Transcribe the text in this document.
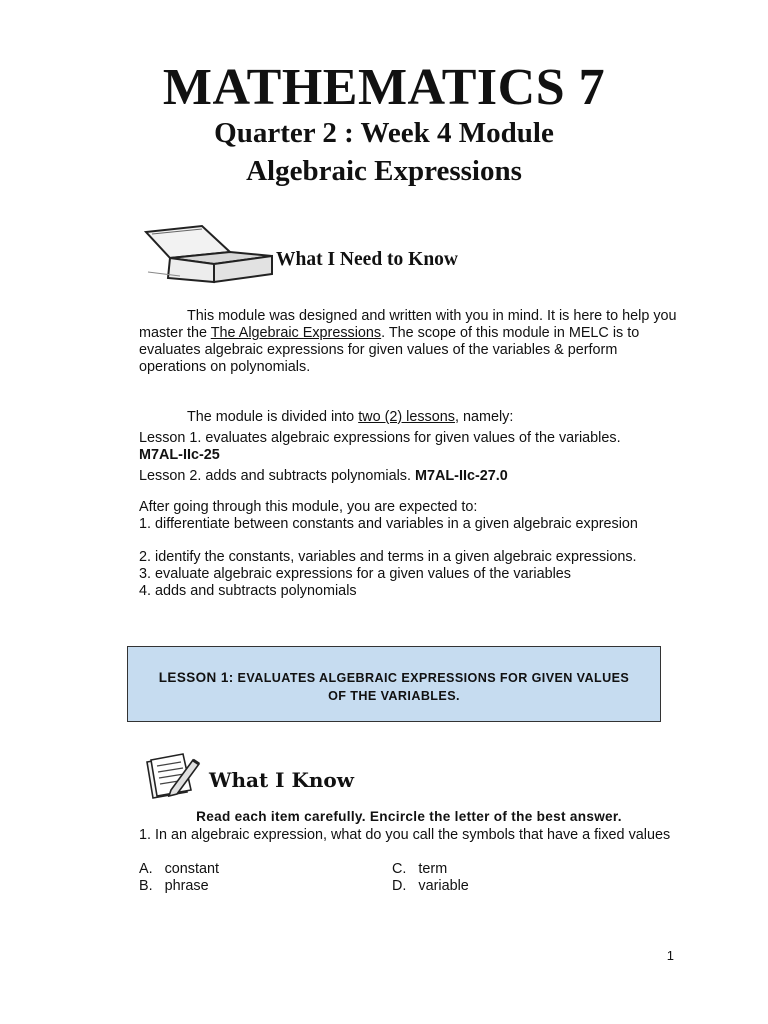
MATHEMATICS 7
Quarter 2 : Week 4 Module
Algebraic Expressions
What I Need to Know
This module was designed and written with you in mind. It is here to help you master the The Algebraic Expressions. The scope of this module in MELC is to evaluates algebraic expressions for given values of the variables & perform operations on polynomials.
The module is divided into two (2) lessons, namely:
Lesson 1. evaluates algebraic expressions for given values of the variables.
M7AL-IIc-25
Lesson 2. adds and subtracts polynomials. M7AL-IIc-27.0
After going through this module, you are expected to:
1. differentiate between constants and variables in a given algebraic expresion
2. identify the constants, variables and terms in a given algebraic expressions.
3. evaluate algebraic expressions for a given values of the variables
4. adds and subtracts polynomials
LESSON 1: EVALUATES ALGEBRAIC EXPRESSIONS FOR GIVEN VALUES
OF THE VARIABLES.
What I Know
Read each item carefully. Encircle the letter of the best answer.
1. In an algebraic expression, what do you call the symbols that have a fixed values
A. constant
B. phrase
C. term
D. variable
1
